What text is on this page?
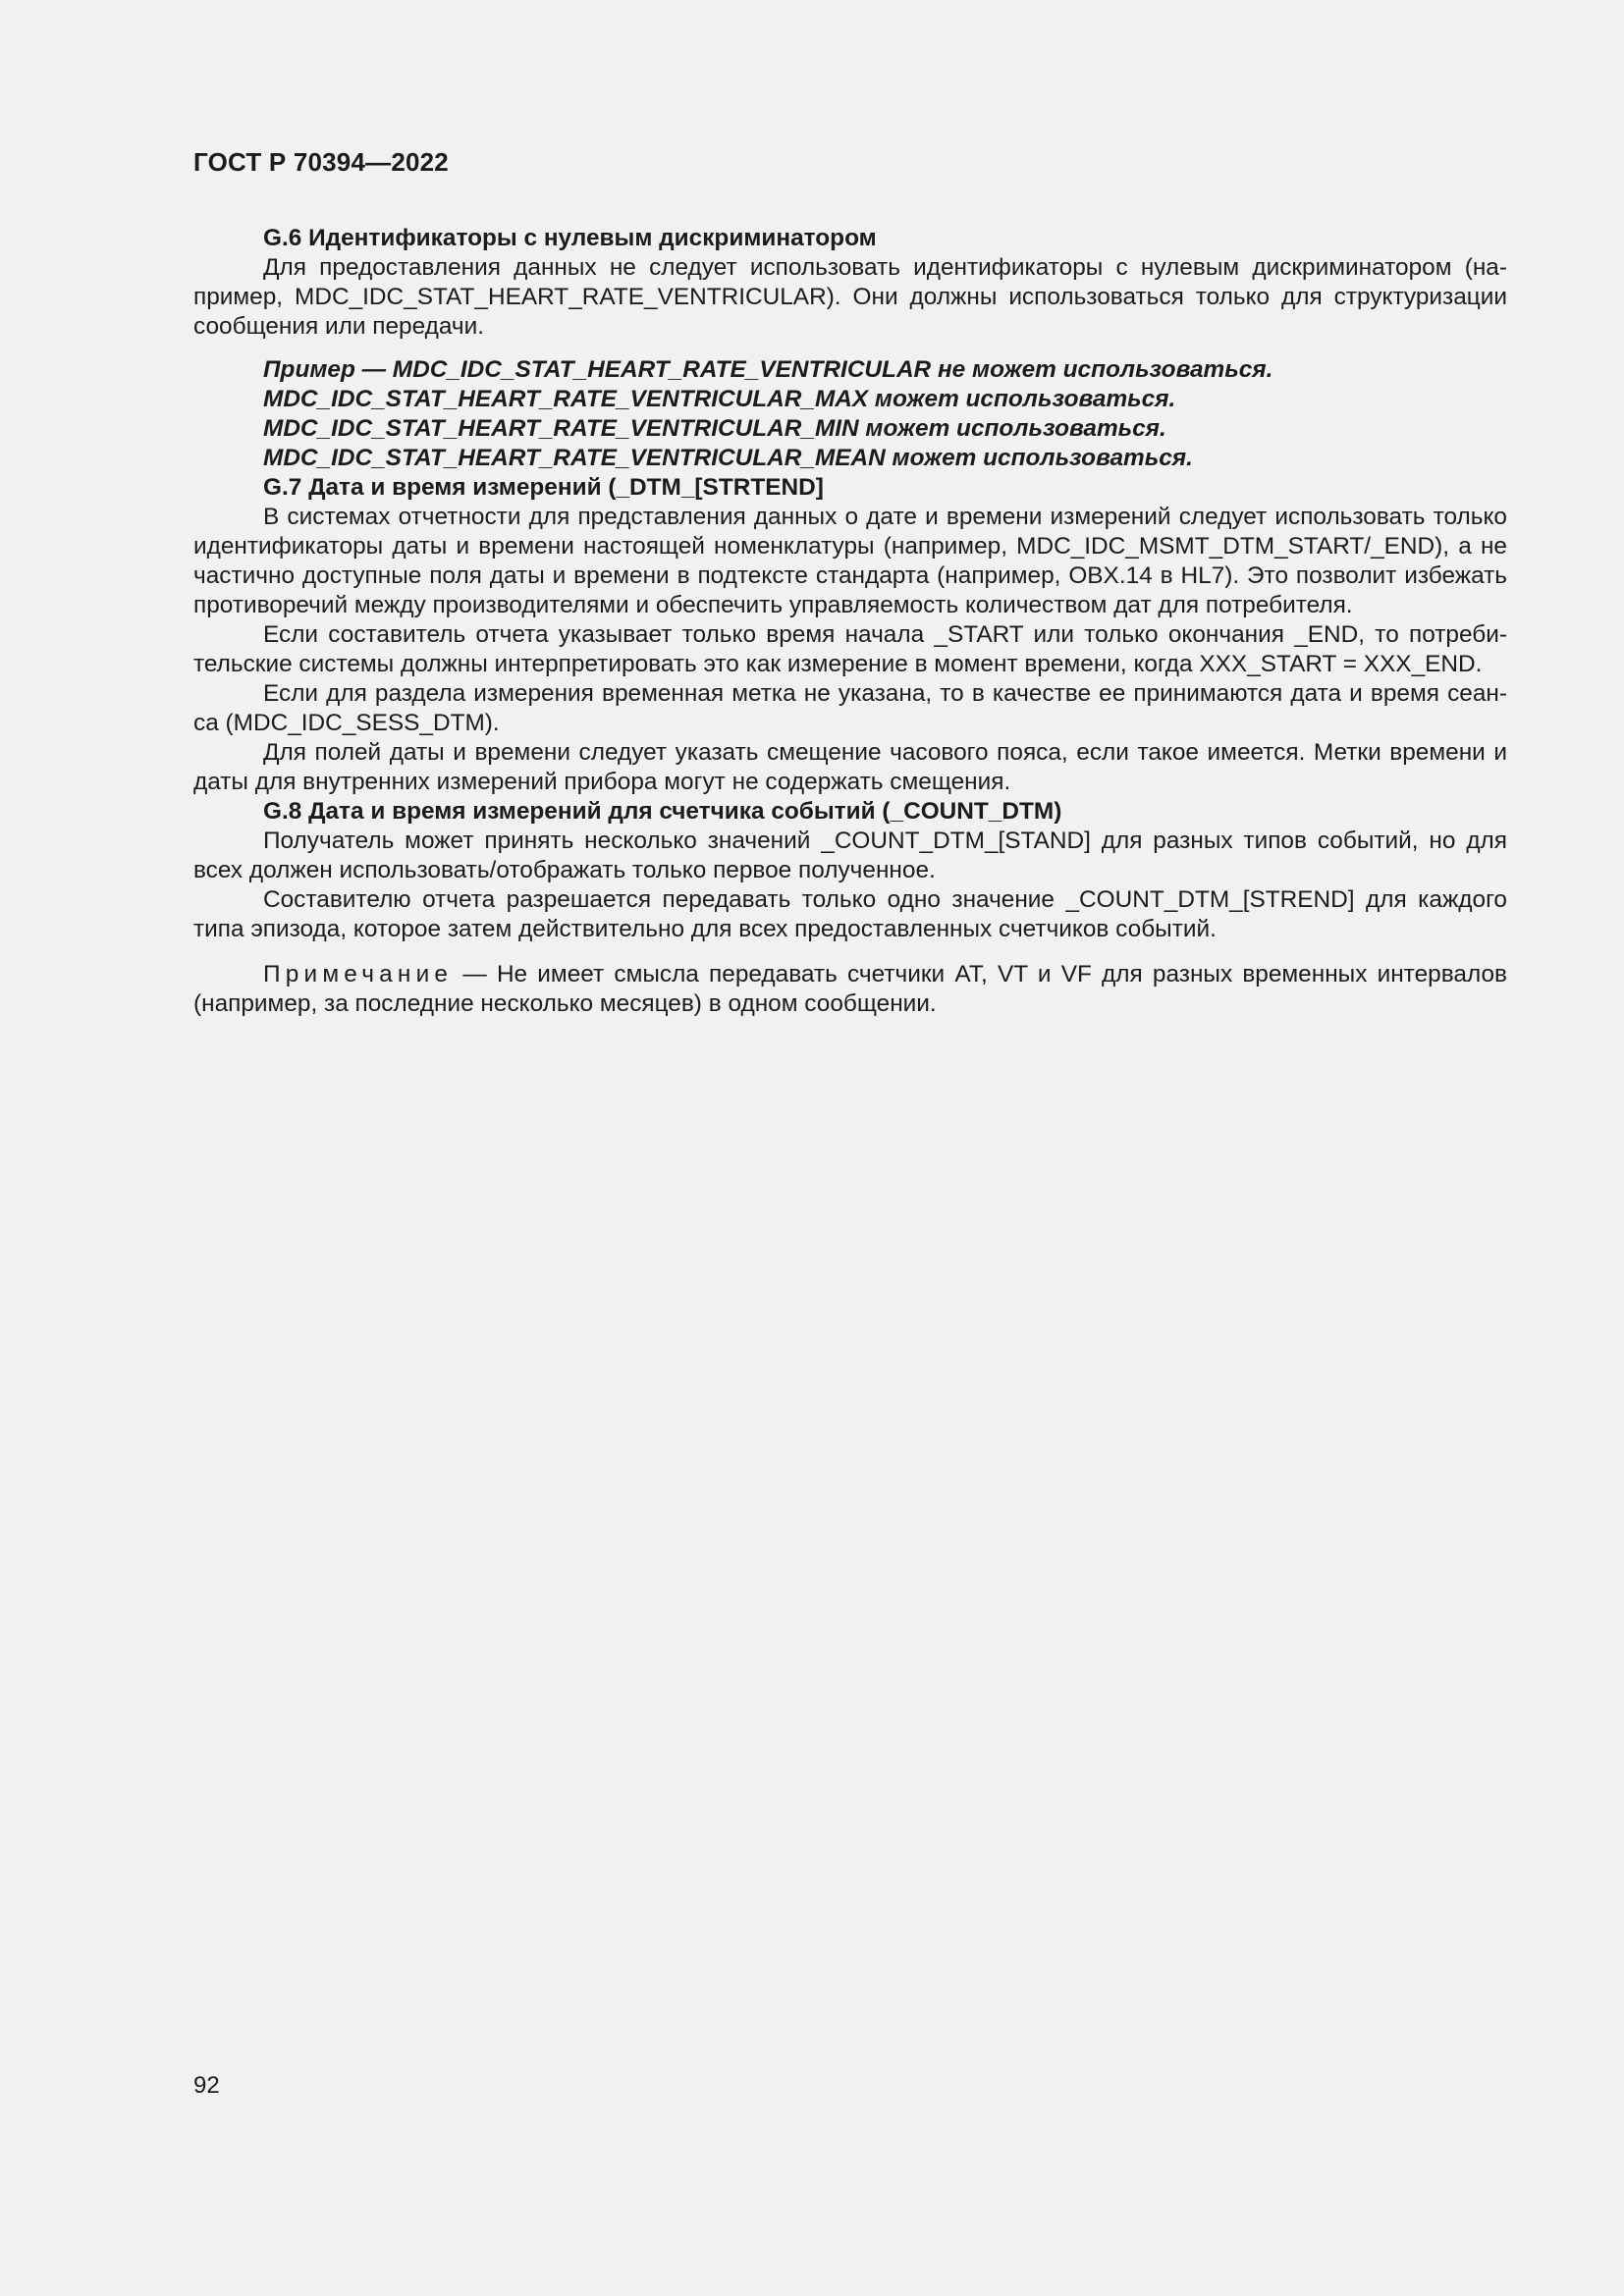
ГОСТ Р 70394—2022

G.6 Идентификаторы с нулевым дискриминатором

Для предоставления данных не следует использовать идентификаторы с нулевым дискриминатором (на-пример, MDC_IDC_STAT_HEART_RATE_VENTRICULAR). Они должны использоваться только для структуризации сообщения или передачи.

Пример — MDC_IDC_STAT_HEART_RATE_VENTRICULAR не может использоваться.
MDC_IDC_STAT_HEART_RATE_VENTRICULAR_MAX может использоваться.
MDC_IDC_STAT_HEART_RATE_VENTRICULAR_MIN может использоваться.
MDC_IDC_STAT_HEART_RATE_VENTRICULAR_MEAN может использоваться.

G.7 Дата и время измерений (_DTM_[STRTEND]

В системах отчетности для представления данных о дате и времени измерений следует использовать только идентификаторы даты и времени настоящей номенклатуры (например, MDC_IDC_MSMT_DTM_START/_END), а не частично доступные поля даты и времени в подтексте стандарта (например, OBX.14 в HL7). Это позволит избежать противоречий между производителями и обеспечить управляемость количеством дат для потребителя.

Если составитель отчета указывает только время начала _START или только окончания _END, то потреби-тельские системы должны интерпретировать это как измерение в момент времени, когда XXX_START = XXX_END.

Если для раздела измерения временная метка не указана, то в качестве ее принимаются дата и время сеан-са (MDC_IDC_SESS_DTM).

Для полей даты и времени следует указать смещение часового пояса, если такое имеется. Метки времени и даты для внутренних измерений прибора могут не содержать смещения.

G.8 Дата и время измерений для счетчика событий (_COUNT_DTM)

Получатель может принять несколько значений _COUNT_DTM_[STAND] для разных типов событий, но для всех должен использовать/отображать только первое полученное.

Составителю отчета разрешается передавать только одно значение _COUNT_DTM_[STREND] для каждого типа эпизода, которое затем действительно для всех предоставленных счетчиков событий.

Примечание — Не имеет смысла передавать счетчики AT, VT и VF для разных временных интервалов (например, за последние несколько месяцев) в одном сообщении.

92
